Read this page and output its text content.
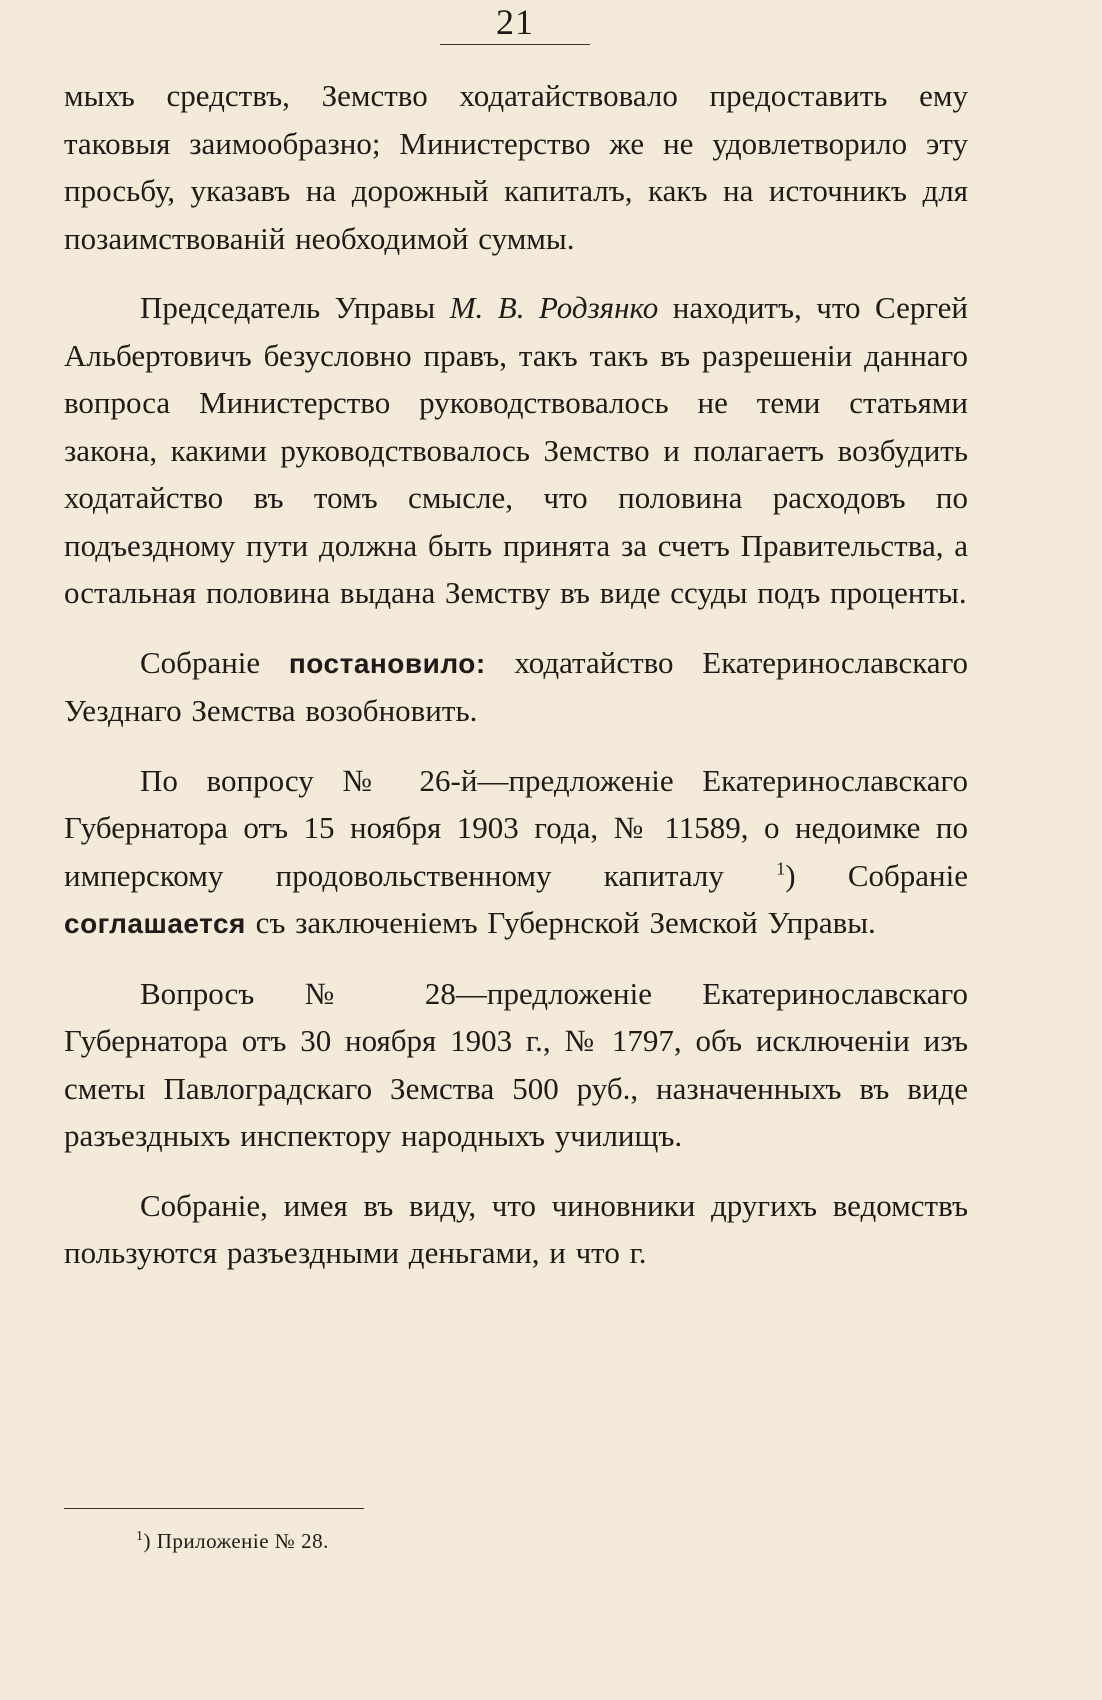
21

мыхъ средствъ, Земство ходатайствовало предоставить ему таковыя заимообразно; Министерство же не удовлетворило эту просьбу, указавъ на дорожный капиталъ, какъ на источникъ для позаимствованій необходимой суммы.

Председатель Управы М. В. Родзянко находитъ, что Сергей Альбертовичъ безусловно правъ, такъ такъ въ разрешеніи даннаго вопроса Министерство руководствовалось не теми статьями закона, какими руководствовалось Земство и полагаетъ возбудить ходатайство въ томъ смысле, что половина расходовъ по подъездному пути должна быть принята за счетъ Правительства, а остальная половина выдана Земству въ виде ссуды подъ проценты.

Собраніе постановило: ходатайство Екатеринославскаго Уезднаго Земства возобновить.

По вопросу № 26-й—предложеніе Екатеринославскаго Губернатора отъ 15 ноября 1903 года, № 11589, о недоимке по имперскому продовольственному капиталу $^1$) Собраніе соглашается съ заключеніемъ Губернской Земской Управы.

Вопросъ № 28—предложеніе Екатеринославскаго Губернатора отъ 30 ноября 1903 г., № 1797, объ исключеніи изъ сметы Павлоградскаго Земства 500 руб., назначенныхъ въ виде разъездныхъ инспектору народныхъ училищъ.

Собраніе, имея въ виду, что чиновники другихъ ведомствъ пользуются разъездными деньгами, и что г.

$^1$) Приложеніе № 28.
